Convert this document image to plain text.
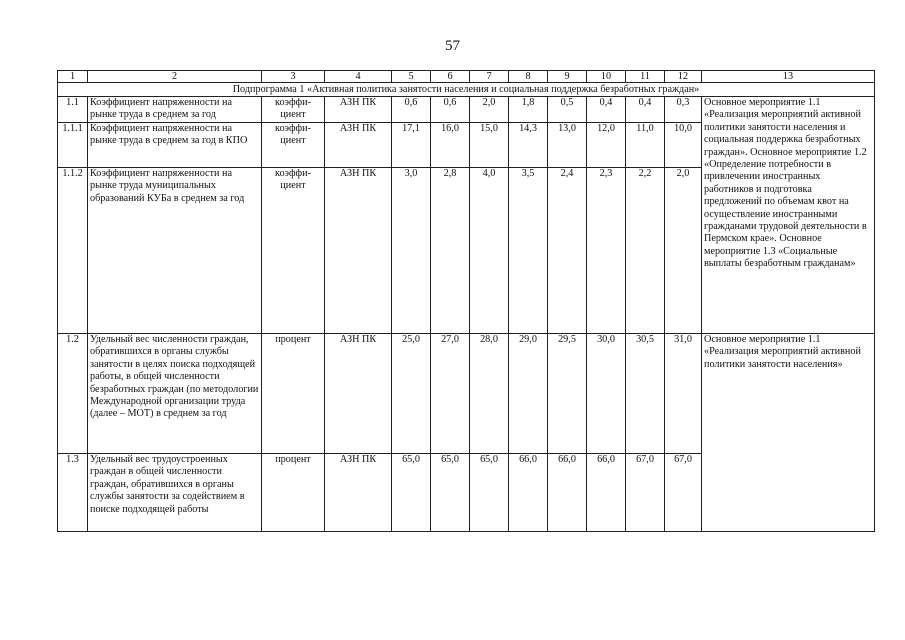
57
1	2	3	4	5	6	7	8	9	10	11	12	13
Подпрограмма 1 «Активная политика занятости населения и социальная поддержка безработных граждан»												
1.1	Коэффициент напряженности на рынке труда в среднем за год	коэффи-циент	АЗН ПК	0,6	0,6	2,0	1,8	0,5	0,4	0,4	0,3	Основное мероприятие 1.1 «Реализация мероприятий активной политики занятости населения и социальная поддержка безработных граждан». Основное мероприятие 1.2 «Определение потребности в привлечении иностранных работников и подготовка предложений по объемам квот на осуществление иностранными гражданами трудовой деятельности в Пермском крае». Основное мероприятие 1.3 «Социальные выплаты безработным гражданам»
1.1.1	Коэффициент напряженности на рынке труда в среднем за год в КПО	коэффи-циент	АЗН ПК	17,1	16,0	15,0	14,3	13,0	12,0	11,0	10,0	
1.1.2	Коэффициент напряженности на рынке труда муниципальных образований КУБа в среднем за год	коэффи-циент	АЗН ПК	3,0	2,8	4,0	3,5	2,4	2,3	2,2	2,0	
1.2	Удельный вес численности граждан, обратившихся в органы службы занятости в целях поиска подходящей работы, в общей численности безработных граждан (по методологии Международной организации труда (далее – МОТ) в среднем за год	процент	АЗН ПК	25,0	27,0	28,0	29,0	29,5	30,0	30,5	31,0	Основное мероприятие 1.1 «Реализация мероприятий активной политики занятости населения»
1.3	Удельный вес трудоустроенных граждан в общей численности граждан, обратившихся в органы службы занятости за содействием в поиске подходящей работы	процент	АЗН ПК	65,0	65,0	65,0	66,0	66,0	66,0	67,0	67,0	
